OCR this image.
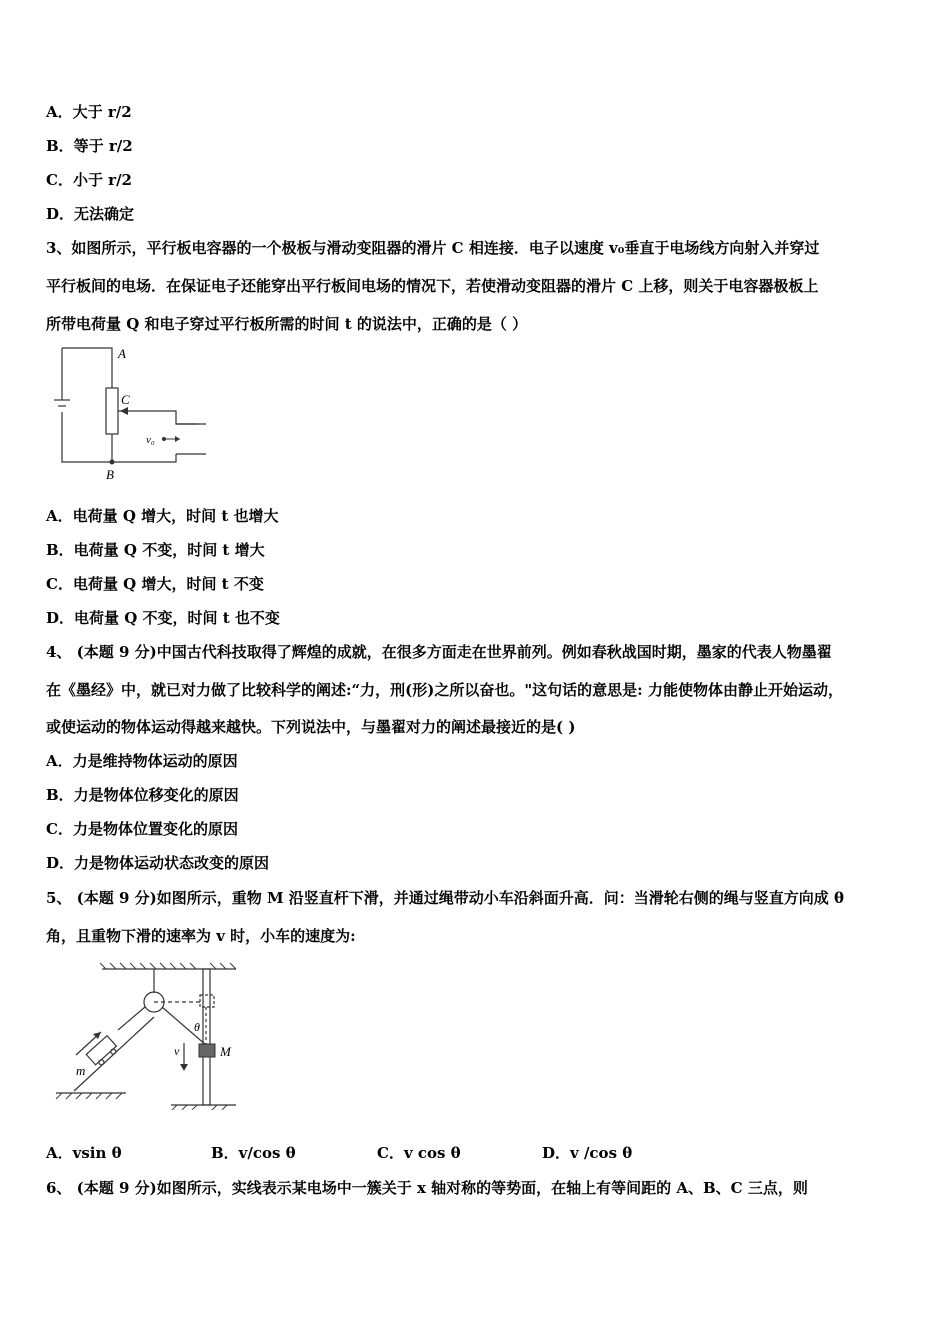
A．大于 r/2
B．等于 r/2
C．小于 r/2
D．无法确定
3、如图所示，平行板电容器的一个极板与滑动变阻器的滑片 C 相连接．电子以速度 v₀垂直于电场线方向射入并穿过
平行板间的电场．在保证电子还能穿出平行板间电场的情况下，若使滑动变阻器的滑片 C 上移，则关于电容器极板上
所带电荷量 Q 和电子穿过平行板所需的时间 t 的说法中，正确的是（ ）
A
C
B
v₀
A．电荷量 Q 增大，时间 t 也增大
B．电荷量 Q 不变，时间 t 增大
C．电荷量 Q 增大，时间 t 不变
D．电荷量 Q 不变，时间 t 也不变
4、 (本题 9 分)中国古代科技取得了辉煌的成就，在很多方面走在世界前列。例如春秋战国时期，墨家的代表人物墨翟
在《墨经》中，就已对力做了比较科学的阐述:“力，刑(形)之所以奋也。"这句话的意思是: 力能使物体由静止开始运动，
或使运动的物体运动得越来越快。下列说法中，与墨翟对力的阐述最接近的是( )
A．力是维持物体运动的原因
B．力是物体位移变化的原因
C．力是物体位置变化的原因
D．力是物体运动状态改变的原因
5、 (本题 9 分)如图所示，重物 M 沿竖直杆下滑，并通过绳带动小车沿斜面升高．问：当滑轮右侧的绳与竖直方向成 θ
角，且重物下滑的速率为 v 时，小车的速度为:
θ
M
v
m
A．vsin θ	B．v/cos θ	C．v cos θ	D．v /cos θ
6、 (本题 9 分)如图所示，实线表示某电场中一簇关于 x 轴对称的等势面，在轴上有等间距的 A、B、C 三点，则
